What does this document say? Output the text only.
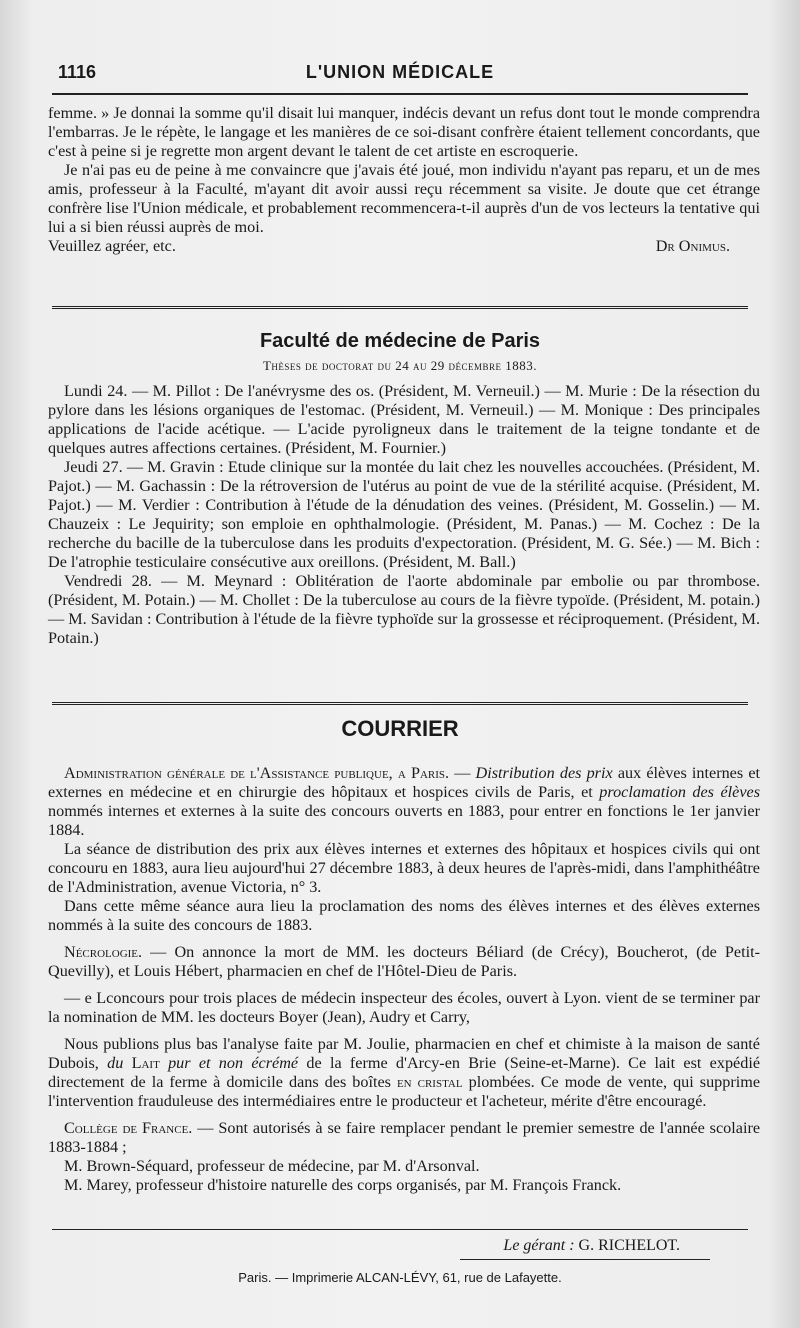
1116	L'UNION MÉDICALE

femme. » Je donnai la somme qu'il disait lui manquer, indécis devant un refus dont tout le monde comprendra l'embarras. Je le répète, le langage et les manières de ce soi-disant confrère étaient tellement concordants, que c'est à peine si je regrette mon argent devant le talent de cet artiste en escroquerie.

Je n'ai pas eu de peine à me convaincre que j'avais été joué, mon individu n'ayant pas reparu, et un de mes amis, professeur à la Faculté, m'ayant dit avoir aussi reçu récemment sa visite. Je doute que cet étrange confrère lise l'Union médicale, et probablement recommencera-t-il auprès d'un de vos lecteurs la tentative qui lui a si bien réussi auprès de moi.

Veuillez agréer, etc.	Dr Onimus.

Faculté de médecine de Paris
Thèses de doctorat du 24 au 29 décembre 1883.

Lundi 24. — M. Pillot : De l'anévrysme des os. (Président, M. Verneuil.) — M. Murie : De la résection du pylore dans les lésions organiques de l'estomac. (Président, M. Verneuil.) — M. Monique : Des principales applications de l'acide acétique. — L'acide pyroligneux dans le traitement de la teigne tondante et de quelques autres affections certaines. (Président, M. Fournier.)

Jeudi 27. — M. Gravin : Etude clinique sur la montée du lait chez les nouvelles accouchées. (Président, M. Pajot.) — M. Gachassin : De la rétroversion de l'utérus au point de vue de la stérilité acquise. (Président, M. Pajot.) — M. Verdier : Contribution à l'étude de la dénudation des veines. (Président, M. Gosselin.) — M. Chauzeix : Le Jequirity; son emploie en ophthalmologie. (Président, M. Panas.) — M. Cochez : De la recherche du bacille de la tuberculose dans les produits d'expectoration. (Président, M. G. Sée.) — M. Bich : De l'atrophie testiculaire consécutive aux oreillons. (Président, M. Ball.)

Vendredi 28. — M. Meynard : Oblitération de l'aorte abdominale par embolie ou par thrombose. (Président, M. Potain.) — M. Chollet : De la tuberculose au cours de la fièvre typoïde. (Président, M. potain.) — M. Savidan : Contribution à l'étude de la fièvre typhoïde sur la grossesse et réciproquement. (Président, M. Potain.)

COURRIER

Administration générale de l'Assistance publique, a Paris. — Distribution des prix aux élèves internes et externes en médecine et en chirurgie des hôpitaux et hospices civils de Paris, et proclamation des élèves nommés internes et externes à la suite des concours ouverts en 1883, pour entrer en fonctions le 1er janvier 1884.

La séance de distribution des prix aux élèves internes et externes des hôpitaux et hospices civils qui ont concouru en 1883, aura lieu aujourd'hui 27 décembre 1883, à deux heures de l'après-midi, dans l'amphithéâtre de l'Administration, avenue Victoria, n° 3.

Dans cette même séance aura lieu la proclamation des noms des élèves internes et des élèves externes nommés à la suite des concours de 1883.

Nécrologie. — On annonce la mort de MM. les docteurs Béliard (de Crécy), Boucherot, (de Petit-Quevilly), et Louis Hébert, pharmacien en chef de l'Hôtel-Dieu de Paris.

— e Lconcours pour trois places de médecin inspecteur des écoles, ouvert à Lyon. vient de se terminer par la nomination de MM. les docteurs Boyer (Jean), Audry et Carry,

Nous publions plus bas l'analyse faite par M. Joulie, pharmacien en chef et chimiste à la maison de santé Dubois, du Lait pur et non écrémé de la ferme d'Arcy-en Brie (Seine-et-Marne). Ce lait est expédié directement de la ferme à domicile dans des boîtes en cristal plombées. Ce mode de vente, qui supprime l'intervention frauduleuse des intermédiaires entre le producteur et l'acheteur, mérite d'être encouragé.

Collège de France. — Sont autorisés à se faire remplacer pendant le premier semestre de l'année scolaire 1883-1884 ;

M. Brown-Séquard, professeur de médecine, par M. d'Arsonval.

M. Marey, professeur d'histoire naturelle des corps organisés, par M. François Franck.

Le gérant : G. RICHELOT.
Paris. — Imprimerie ALCAN-LÉVY, 61, rue de Lafayette.
